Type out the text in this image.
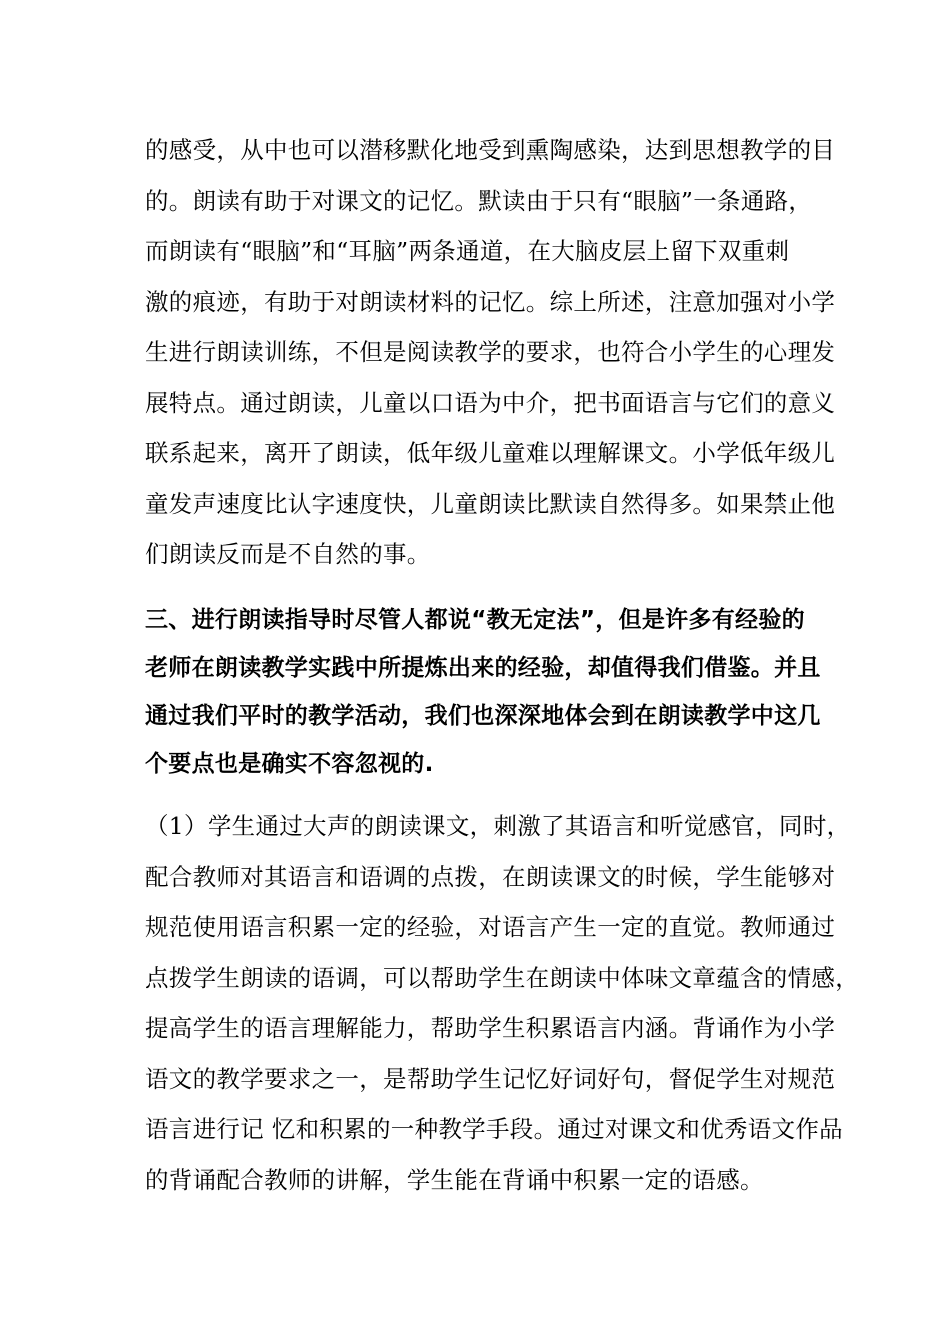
的感受，从中也可以潜移默化地受到熏陶感染，达到思想教学的目
的。朗读有助于对课文的记忆。默读由于只有“眼脑”一条通路，
而朗读有“眼脑”和“耳脑”两条通道，在大脑皮层上留下双重刺
激的痕迹，有助于对朗读材料的记忆。综上所述，注意加强对小学
生进行朗读训练，不但是阅读教学的要求，也符合小学生的心理发
展特点。通过朗读，儿童以口语为中介，把书面语言与它们的意义
联系起来，离开了朗读，低年级儿童难以理解课文。小学低年级儿
童发声速度比认字速度快，儿童朗读比默读自然得多。如果禁止他
们朗读反而是不自然的事。
三、进行朗读指导时尽管人都说“教无定法”，但是许多有经验的
老师在朗读教学实践中所提炼出来的经验，却值得我们借鉴。并且
通过我们平时的教学活动，我们也深深地体会到在朗读教学中这几
个要点也是确实不容忽视的.
（1）学生通过大声的朗读课文，刺激了其语言和听觉感官，同时，
配合教师对其语言和语调的点拨，在朗读课文的时候，学生能够对
规范使用语言积累一定的经验，对语言产生一定的直觉。教师通过
点拨学生朗读的语调，可以帮助学生在朗读中体味文章蕴含的情感，
提高学生的语言理解能力，帮助学生积累语言内涵。背诵作为小学
语文的教学要求之一，是帮助学生记忆好词好句，督促学生对规范
语言进行记 忆和积累的一种教学手段。通过对课文和优秀语文作品
的背诵配合教师的讲解，学生能在背诵中积累一定的语感。
